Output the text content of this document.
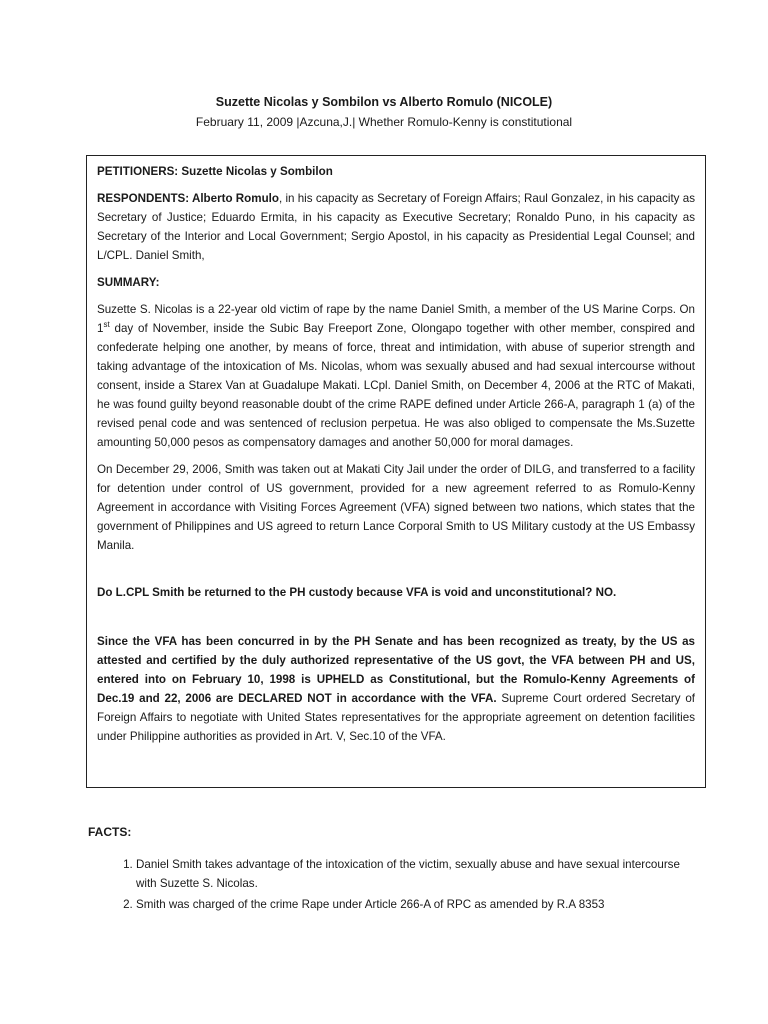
Suzette Nicolas y Sombilon vs Alberto Romulo (NICOLE)
February 11, 2009 |Azcuna,J.| Whether Romulo-Kenny is constitutional

PETITIONERS: Suzette Nicolas y Sombilon

RESPONDENTS: Alberto Romulo, in his capacity as Secretary of Foreign Affairs; Raul Gonzalez, in his capacity as Secretary of Justice; Eduardo Ermita, in his capacity as Executive Secretary; Ronaldo Puno, in his capacity as Secretary of the Interior and Local Government; Sergio Apostol, in his capacity as Presidential Legal Counsel; and L/CPL. Daniel Smith,

SUMMARY:

Suzette S. Nicolas is a 22-year old victim of rape by the name Daniel Smith, a member of the US Marine Corps. On 1st day of November, inside the Subic Bay Freeport Zone, Olongapo together with other member, conspired and confederate helping one another, by means of force, threat and intimidation, with abuse of superior strength and taking advantage of the intoxication of Ms. Nicolas, whom was sexually abused and had sexual intercourse without consent, inside a Starex Van at Guadalupe Makati. LCpl. Daniel Smith, on December 4, 2006 at the RTC of Makati, he was found guilty beyond reasonable doubt of the crime RAPE defined under Article 266-A, paragraph 1 (a) of the revised penal code and was sentenced of reclusion perpetua. He was also obliged to compensate the Ms.Suzette amounting 50,000 pesos as compensatory damages and another 50,000 for moral damages.

On December 29, 2006, Smith was taken out at Makati City Jail under the order of DILG, and transferred to a facility for detention under control of US government, provided for a new agreement referred to as Romulo-Kenny Agreement in accordance with Visiting Forces Agreement (VFA) signed between two nations, which states that the government of Philippines and US agreed to return Lance Corporal Smith to US Military custody at the US Embassy Manila.

Do L.CPL Smith be returned to the PH custody because VFA is void and unconstitutional? NO.

Since the VFA has been concurred in by the PH Senate and has been recognized as treaty, by the US as attested and certified by the duly authorized representative of the US govt, the VFA between PH and US, entered into on February 10, 1998 is UPHELD as Constitutional, but the Romulo-Kenny Agreements of Dec.19 and 22, 2006 are DECLARED NOT in accordance with the VFA. Supreme Court ordered Secretary of Foreign Affairs to negotiate with United States representatives for the appropriate agreement on detention facilities under Philippine authorities as provided in Art. V, Sec.10 of the VFA.

FACTS:
1. Daniel Smith takes advantage of the intoxication of the victim, sexually abuse and have sexual intercourse with Suzette S. Nicolas.
2. Smith was charged of the crime Rape under Article 266-A of RPC as amended by R.A 8353
